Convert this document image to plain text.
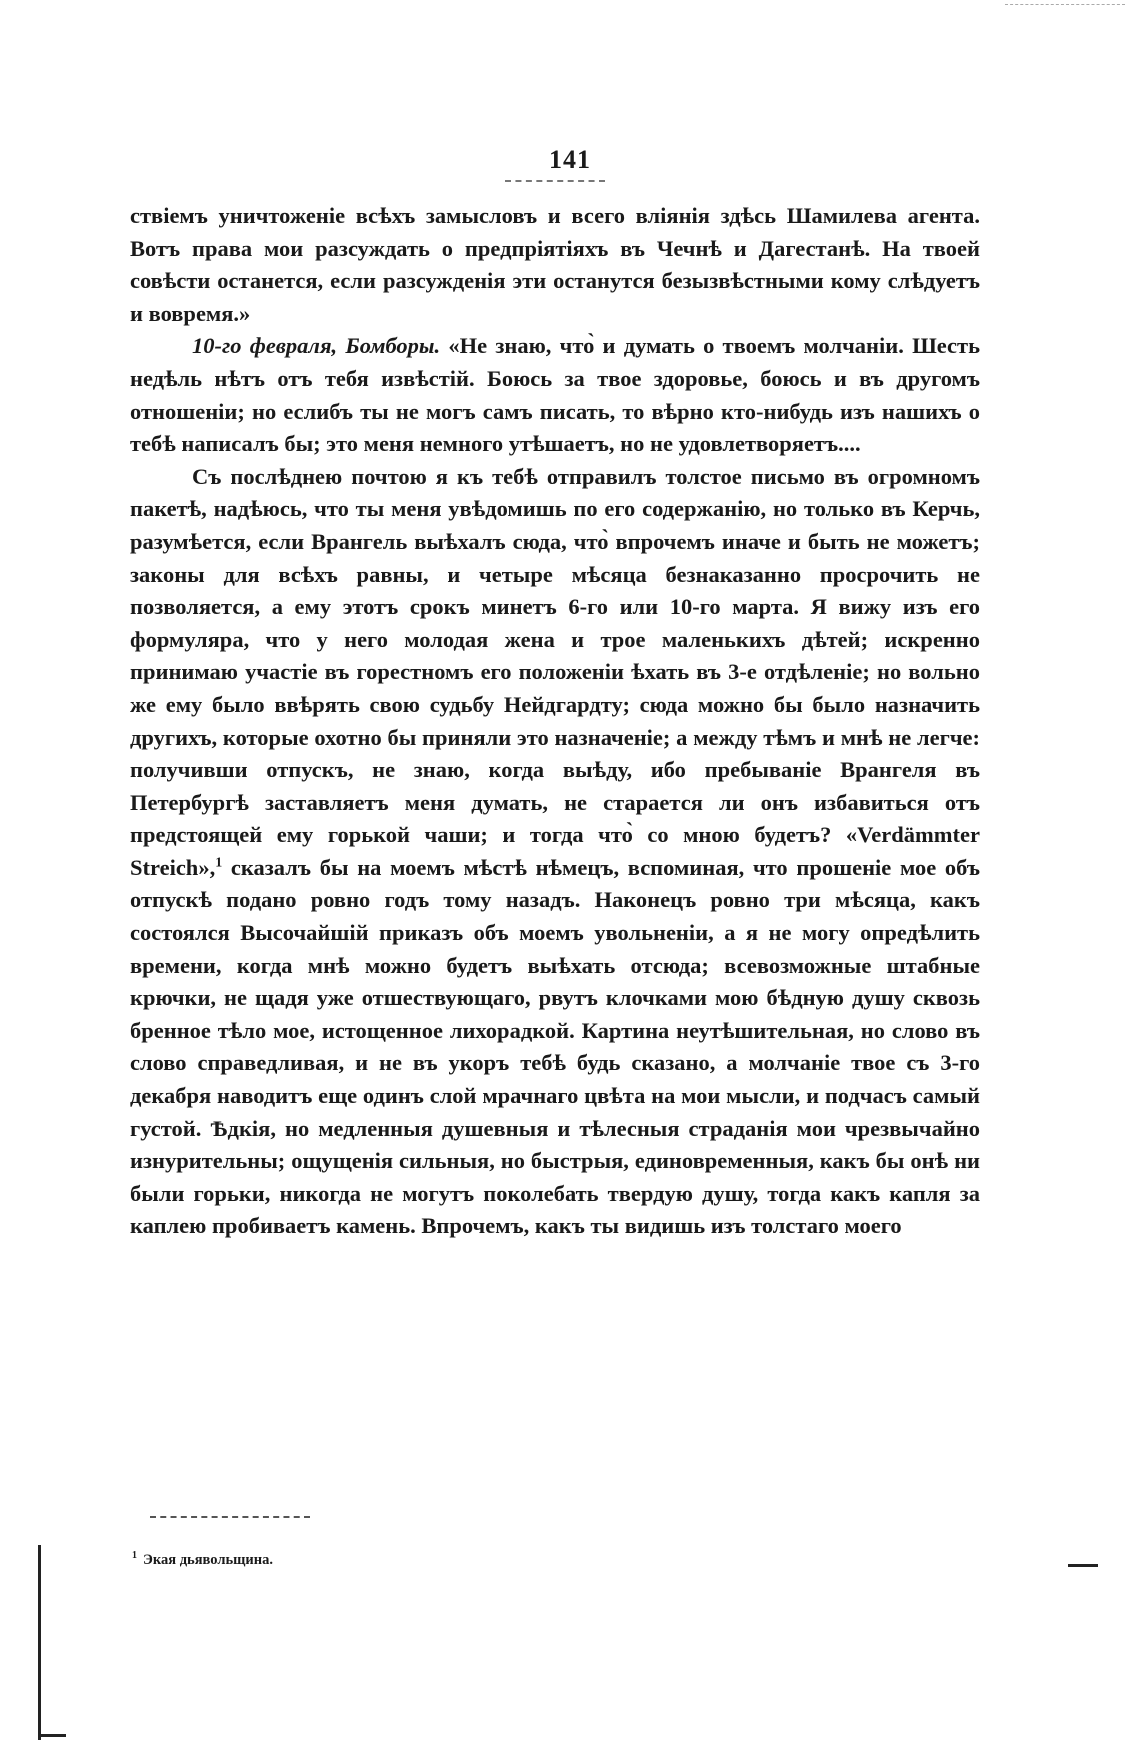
141

ствіемъ уничтоженіе всѣхъ замысловъ и всего вліянія здѣсь Шамилева агента. Вотъ права мои разсуждать о предпріятіяхъ въ Чечнѣ и Дагестанѣ. На твоей совѣсти останется, если разсужденія эти останутся безызвѣстными кому слѣдуетъ и вовремя.»

10-го февраля, Бомборы. «Не знаю, что̀ и думать о твоемъ молчаніи. Шесть недѣль нѣтъ отъ тебя извѣстій. Боюсь за твое здоровье, боюсь и въ другомъ отношеніи; но еслибъ ты не могъ самъ писать, то вѣрно кто-нибудь изъ нашихъ о тебѣ написалъ бы; это меня немного утѣшаетъ, но не удовлетворяетъ....

Съ послѣднею почтою я къ тебѣ отправилъ толстое письмо въ огромномъ пакетѣ, надѣюсь, что ты меня увѣдомишь по его содержанію, но только въ Керчь, разумѣется, если Врангель выѣхалъ сюда, что̀ впрочемъ иначе и быть не можетъ; законы для всѣхъ равны, и четыре мѣсяца безнаказанно просрочить не позволяется, а ему этотъ срокъ минетъ 6-го или 10-го марта. Я вижу изъ его формуляра, что у него молодая жена и трое маленькихъ дѣтей; искренно принимаю участіе въ горестномъ его положеніи ѣхать въ 3-е отдѣленіе; но вольно же ему было ввѣрять свою судьбу Нейдгардту; сюда можно бы было назначить другихъ, которые охотно бы приняли это назначеніе; а между тѣмъ и мнѣ не легче: получивши отпускъ, не знаю, когда выѣду, ибо пребываніе Врангеля въ Петербургѣ заставляетъ меня думать, не старается ли онъ избавиться отъ предстоящей ему горькой чаши; и тогда что̀ со мною будетъ? «Verdämmter Streich»,$^1$ сказалъ бы на моемъ мѣстѣ нѣмецъ, вспоминая, что прошеніе мое объ отпускѣ подано ровно годъ тому назадъ. Наконецъ ровно три мѣсяца, какъ состоялся Высочайшій приказъ объ моемъ увольненіи, а я не могу опредѣлить времени, когда мнѣ можно будетъ выѣхать отсюда; всевозможные штабные крючки, не щадя уже отшествующаго, рвутъ клочками мою бѣдную душу сквозь бренное тѣло мое, истощенное лихорадкой. Картина неутѣшительная, но слово въ слово справедливая, и не въ укоръ тебѣ будь сказано, а молчаніе твое съ 3-го декабря наводитъ еще одинъ слой мрачнаго цвѣта на мои мысли, и подчасъ самый густой. Ѣдкія, но медленныя душевныя и тѣлесныя страданія мои чрезвычайно изнурительны; ощущенія сильныя, но быстрыя, единовременныя, какъ бы онѣ ни были горьки, никогда не могутъ поколебать твердую душу, тогда какъ капля за каплею пробиваетъ камень. Впрочемъ, какъ ты видишь изъ толстаго моего

$^1$ Экая дьявольщина.
